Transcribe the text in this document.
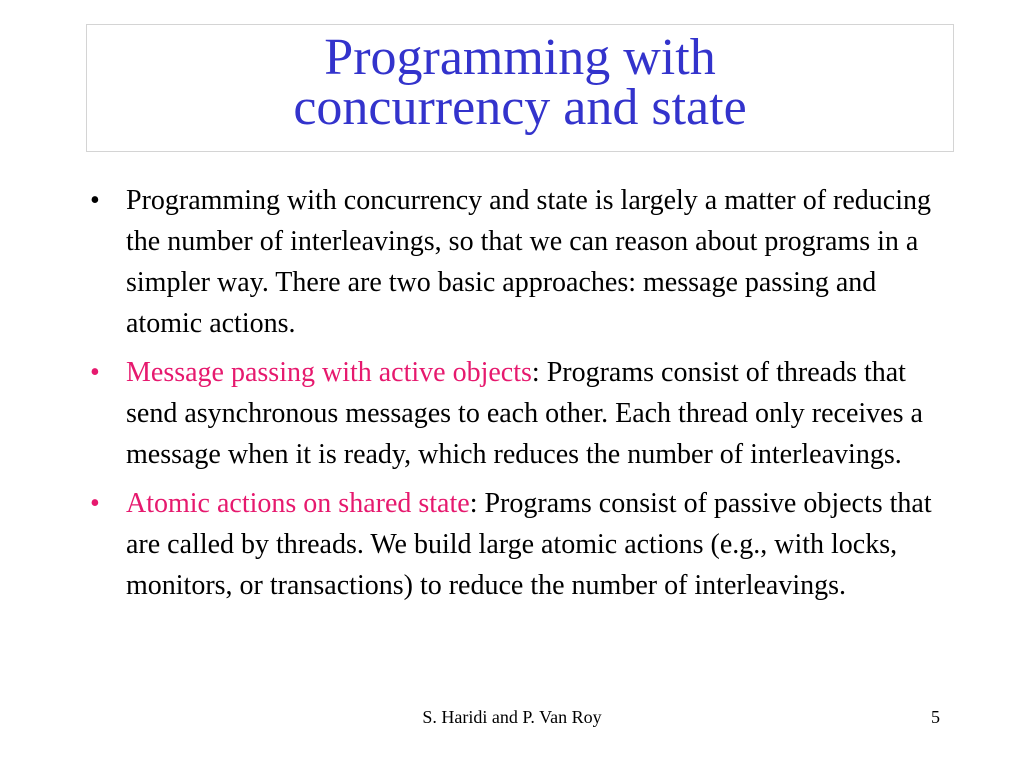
Programming with
concurrency and state
• Programming with concurrency and state is largely a matter of reducing the number of interleavings, so that we can reason about programs in a simpler way. There are two basic approaches: message passing and atomic actions.
• Message passing with active objects: Programs consist of threads that send asynchronous messages to each other. Each thread only receives a message when it is ready, which reduces the number of interleavings.
• Atomic actions on shared state: Programs consist of passive objects that are called by threads. We build large atomic actions (e.g., with locks, monitors, or transactions) to reduce the number of interleavings.
S. Haridi and P. Van Roy	5
